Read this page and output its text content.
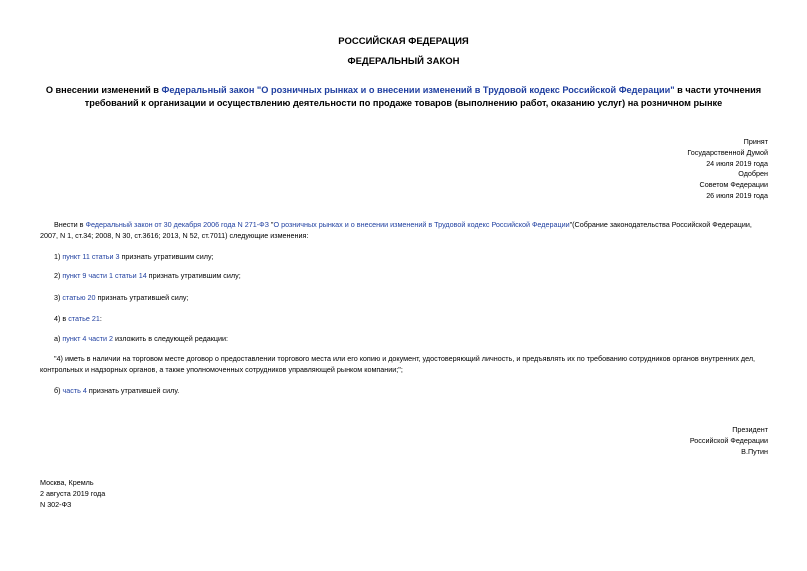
РОССИЙСКАЯ ФЕДЕРАЦИЯ
ФЕДЕРАЛЬНЫЙ ЗАКОН
О внесении изменений в Федеральный закон "О розничных рынках и о внесении изменений в Трудовой кодекс Российской Федерации" в части уточнения требований к организации и осуществлению деятельности по продаже товаров (выполнению работ, оказанию услуг) на розничном рынке
Принят
Государственной Думой
24 июля 2019 года
Одобрен
Советом Федерации
26 июля 2019 года
Внести в Федеральный закон от 30 декабря 2006 года N 271-ФЗ "О розничных рынках и о внесении изменений в Трудовой кодекс Российской Федерации"(Собрание законодательства Российской Федерации, 2007, N 1, ст.34; 2008, N 30, ст.3616; 2013, N 52, ст.7011) следующие изменения:
1) пункт 11 статьи 3 признать утратившим силу;
2) пункт 9 части 1 статьи 14 признать утратившим силу;
3) статью 20 признать утратившей силу;
4) в статье 21:
а) пункт 4 части 2 изложить в следующей редакции:
"4) иметь в наличии на торговом месте договор о предоставлении торгового места или его копию и документ, удостоверяющий личность, и предъявлять их по требованию сотрудников органов внутренних дел, контрольных и надзорных органов, а также уполномоченных сотрудников управляющей рынком компании;";
б) часть 4 признать утратившей силу.
Президент
Российской Федерации
В.Путин
Москва, Кремль
2 августа 2019 года
N 302-ФЗ
